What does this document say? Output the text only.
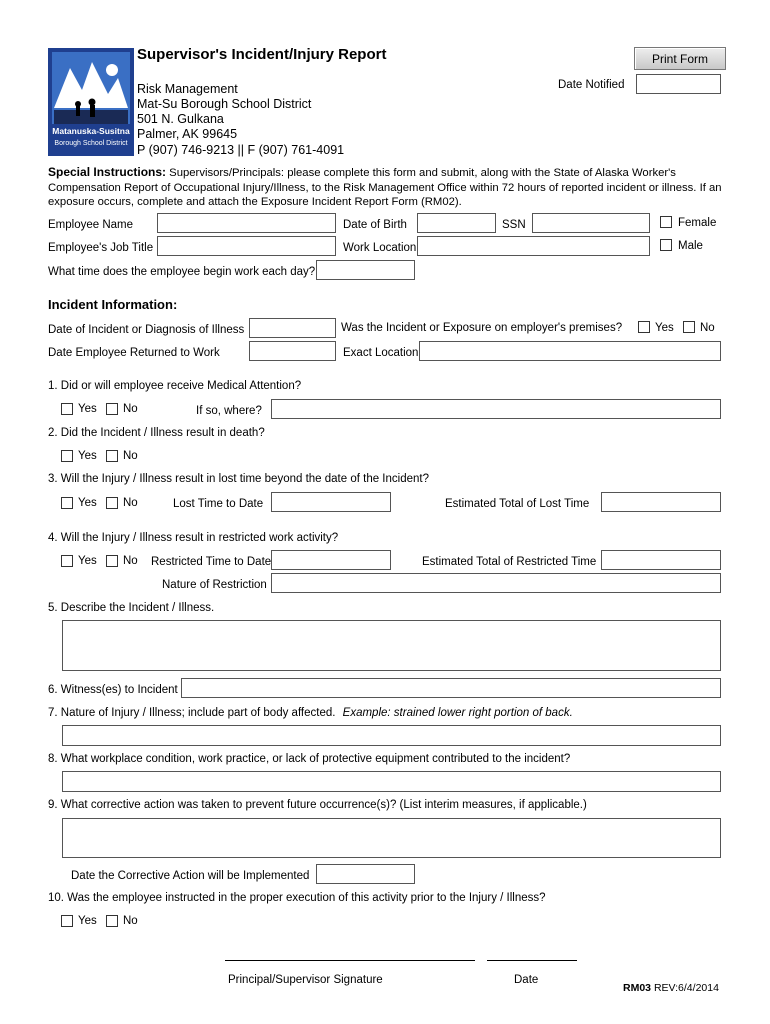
Matanuska-Susitna
Borough School District
Supervisor's Incident/Injury Report	Print Form
Date Notified
Risk Management
Mat-Su Borough School District
501 N. Gulkana
Palmer, AK 99645
P (907) 746-9213 || F (907) 761-4091
Special Instructions: Supervisors/Principals: please complete this form and submit, along with the State of Alaska Worker's Compensation Report of Occupational Injury/Illness, to the Risk Management Office within 72 hours of reported incident or illness. If an exposure occurs, complete and attach the Exposure Incident Report Form (RM02).
Employee Name	Date of Birth	SSN	Female
Employee's Job Title	Work Location	Male
What time does the employee begin work each day?
Incident Information:
Date of Incident or Diagnosis of Illness	Was the Incident or Exposure on employer's premises?	Yes No
Date Employee Returned to Work	Exact Location
1. Did or will employee receive Medical Attention?
Yes No	If so, where?
2. Did the Incident / Illness result in death?
Yes No
3. Will the Injury / Illness result in lost time beyond the date of the Incident?
Yes No	Lost Time to Date	Estimated Total of Lost Time
4. Will the Injury / Illness result in restricted work activity?
Yes No Restricted Time to Date	Estimated Total of Restricted Time
Nature of Restriction
5. Describe the Incident / Illness.
6. Witness(es) to Incident
7. Nature of Injury / Illness; include part of body affected. Example: strained lower right portion of back.
8. What workplace condition, work practice, or lack of protective equipment contributed to the incident?
9. What corrective action was taken to prevent future occurrence(s)? (List interim measures, if applicable.)
Date the Corrective Action will be Implemented
10. Was the employee instructed in the proper execution of this activity prior to the Injury / Illness?
Yes No
Principal/Supervisor Signature	Date
RM03 REV:6/4/2014
